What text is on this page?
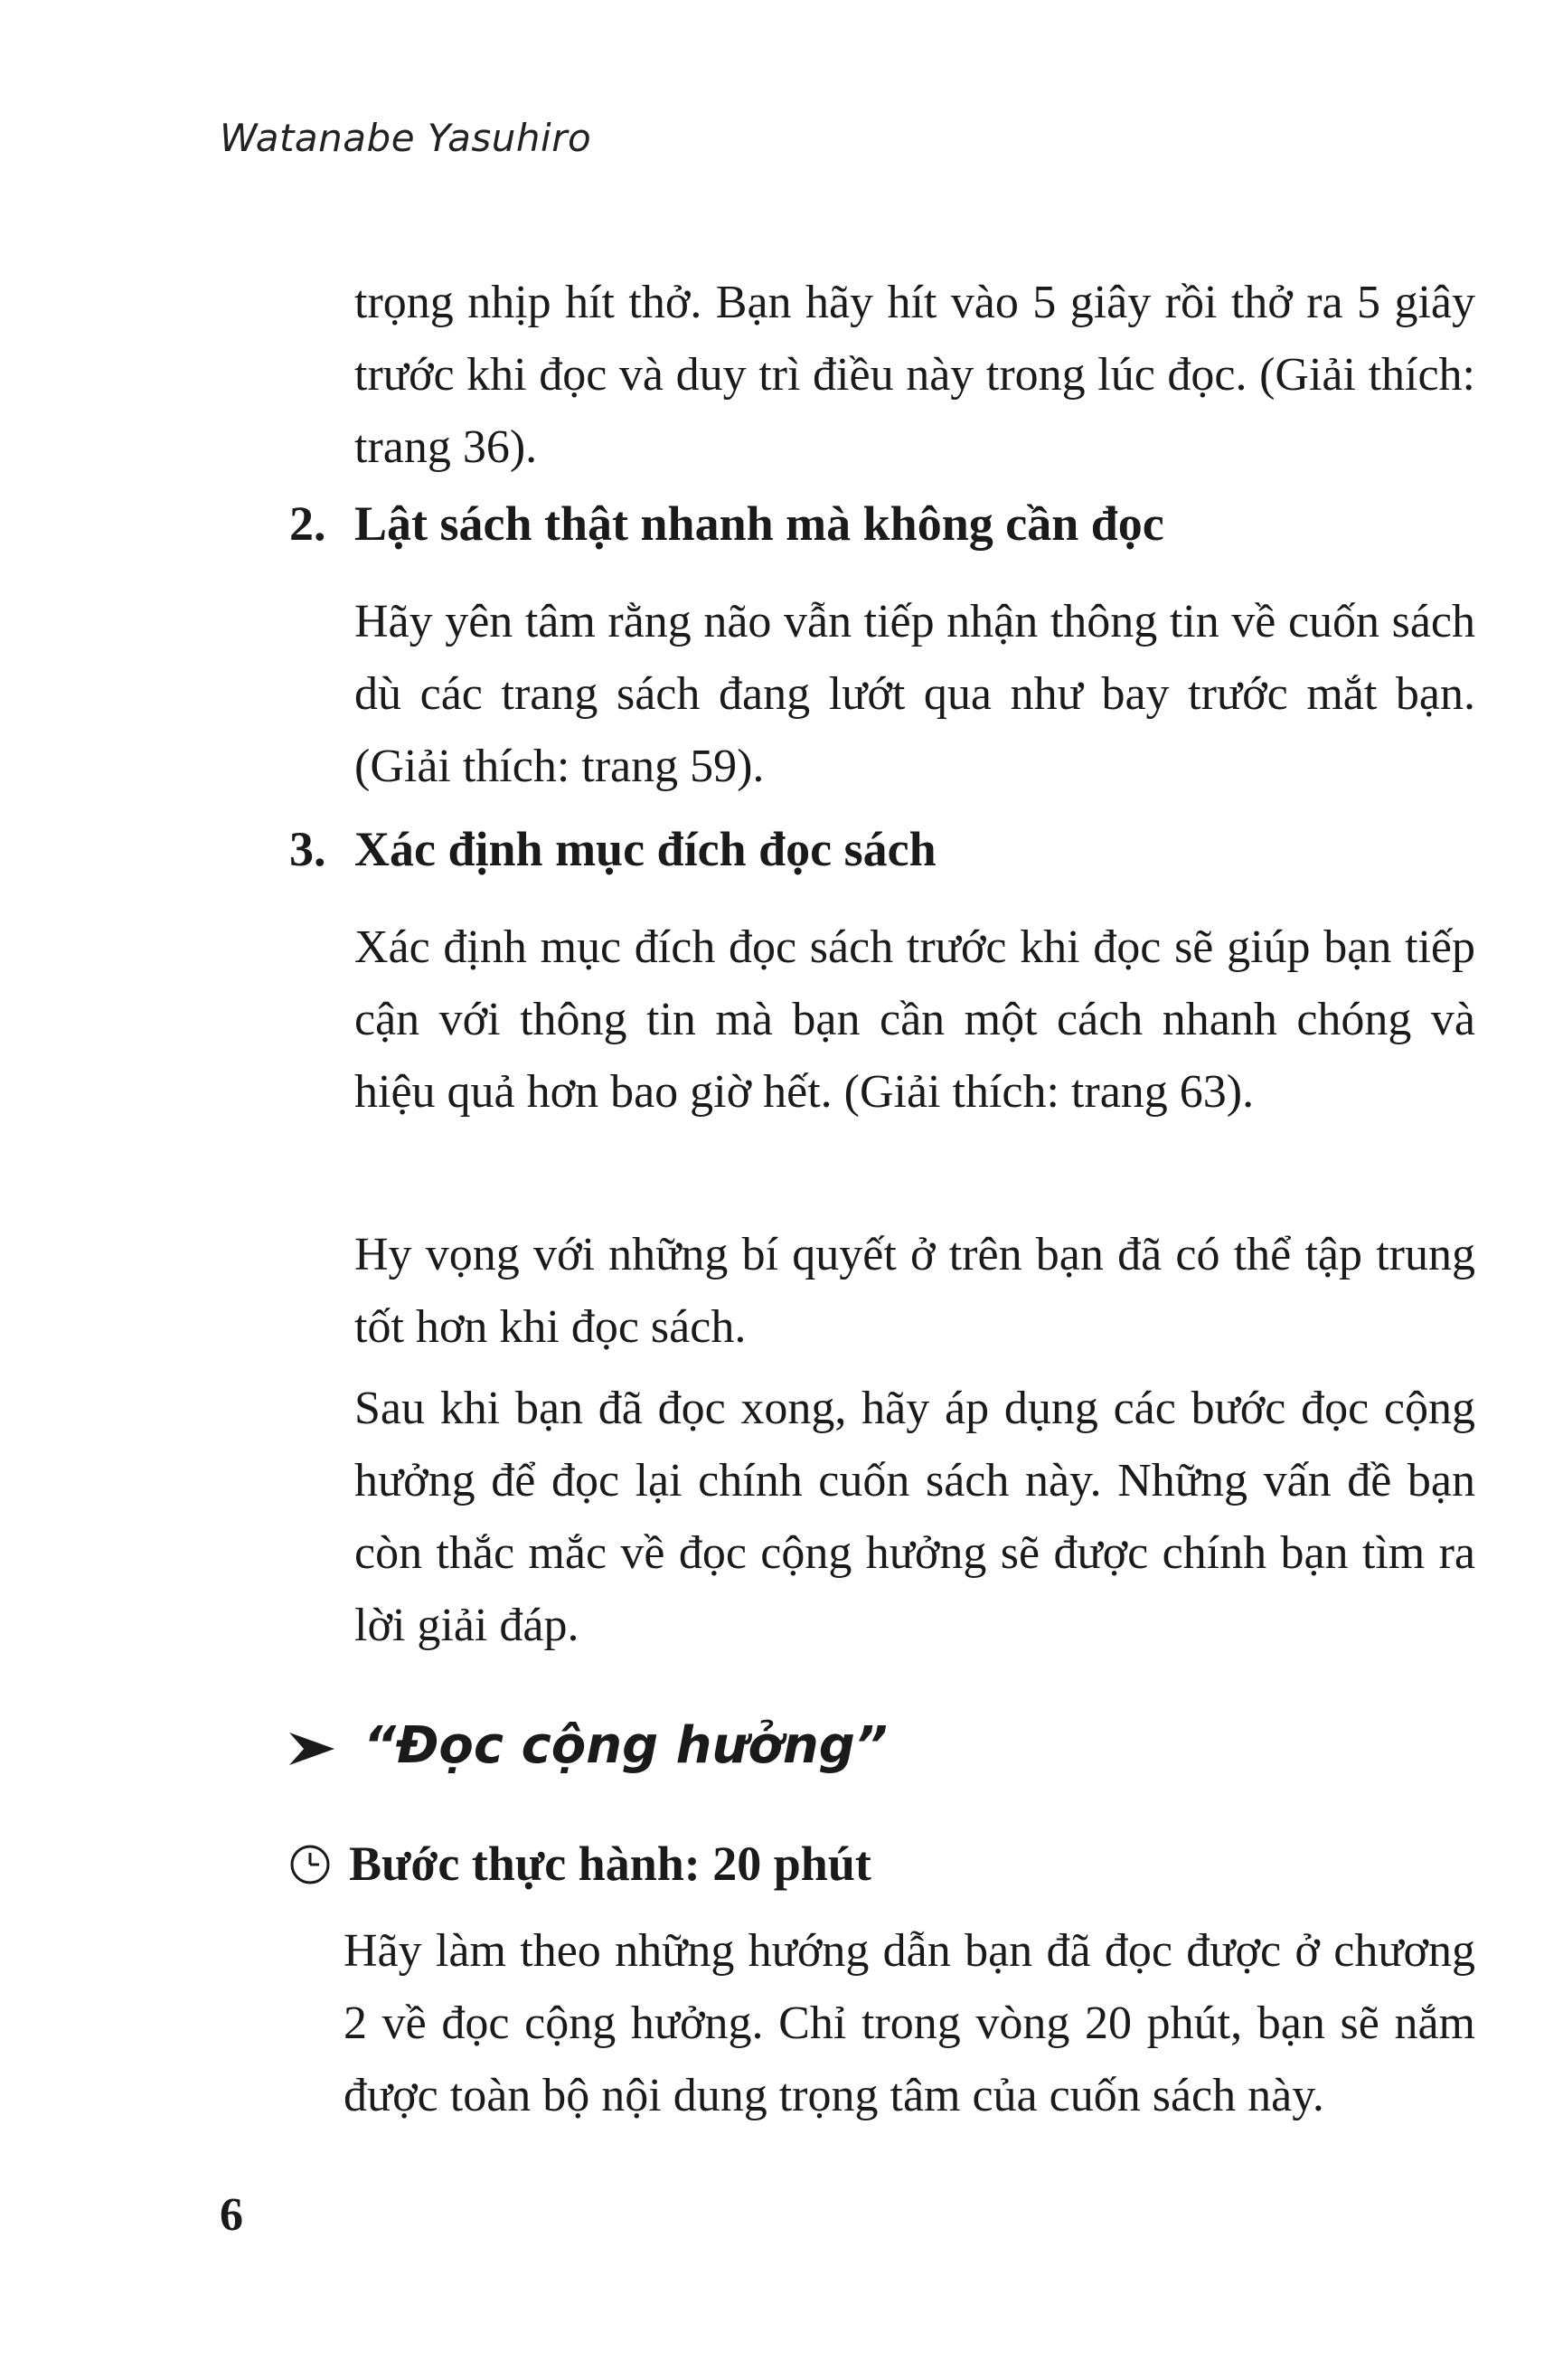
Watanabe Yasuhiro

trọng nhịp hít thở. Bạn hãy hít vào 5 giây rồi thở ra 5 giây trước khi đọc và duy trì điều này trong lúc đọc. (Giải thích: trang 36).

2. Lật sách thật nhanh mà không cần đọc

Hãy yên tâm rằng não vẫn tiếp nhận thông tin về cuốn sách dù các trang sách đang lướt qua như bay trước mắt bạn. (Giải thích: trang 59).

3. Xác định mục đích đọc sách

Xác định mục đích đọc sách trước khi đọc sẽ giúp bạn tiếp cận với thông tin mà bạn cần một cách nhanh chóng và hiệu quả hơn bao giờ hết. (Giải thích: trang 63).

Hy vọng với những bí quyết ở trên bạn đã có thể tập trung tốt hơn khi đọc sách.

Sau khi bạn đã đọc xong, hãy áp dụng các bước đọc cộng hưởng để đọc lại chính cuốn sách này. Những vấn đề bạn còn thắc mắc về đọc cộng hưởng sẽ được chính bạn tìm ra lời giải đáp.

“Đọc cộng hưởng”
Bước thực hành: 20 phút

Hãy làm theo những hướng dẫn bạn đã đọc được ở chương 2 về đọc cộng hưởng. Chỉ trong vòng 20 phút, bạn sẽ nắm được toàn bộ nội dung trọng tâm của cuốn sách này.

6
